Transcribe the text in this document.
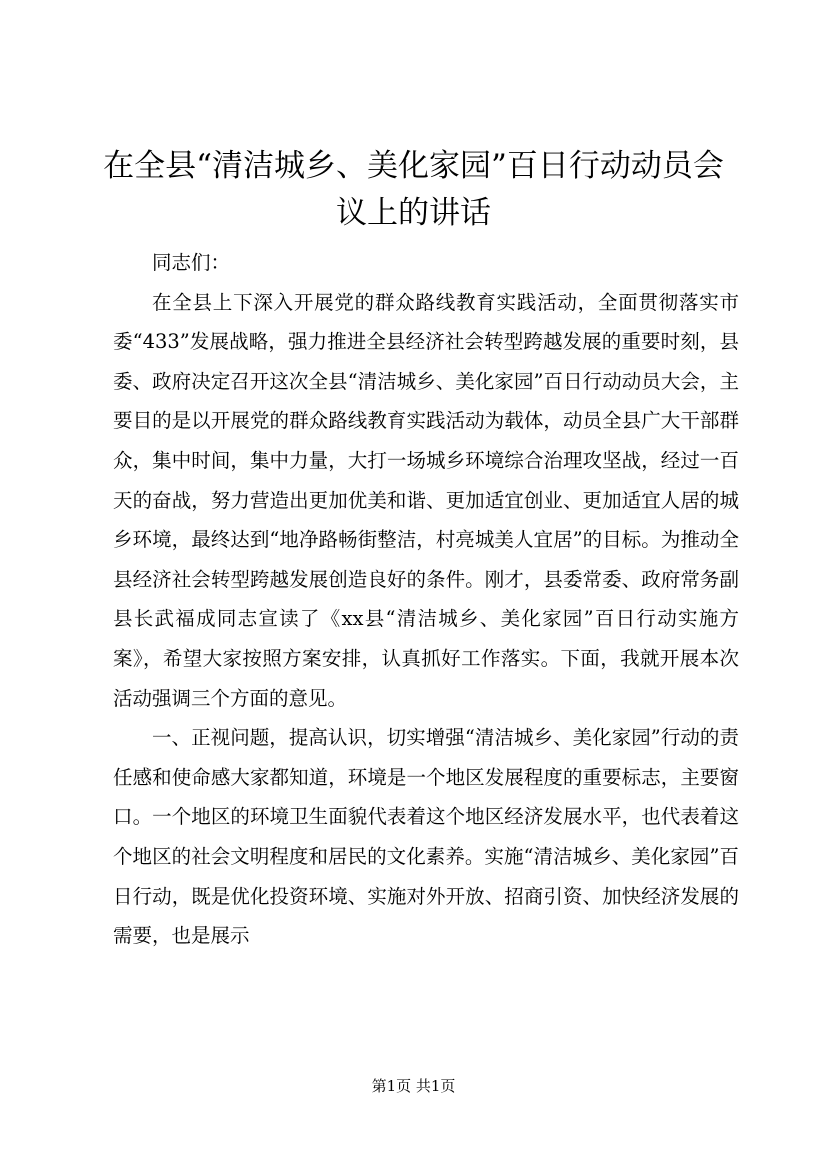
在全县“清洁城乡、美化家园”百日行动动员会议上的讲话

同志们：

在全县上下深入开展党的群众路线教育实践活动，全面贯彻落实市委“433”发展战略，强力推进全县经济社会转型跨越发展的重要时刻，县委、政府决定召开这次全县“清洁城乡、美化家园”百日行动动员大会，主要目的是以开展党的群众路线教育实践活动为载体，动员全县广大干部群众，集中时间，集中力量，大打一场城乡环境综合治理攻坚战，经过一百天的奋战，努力营造出更加优美和谐、更加适宜创业、更加适宜人居的城乡环境，最终达到“地净路畅街整洁，村亮城美人宜居”的目标。为推动全县经济社会转型跨越发展创造良好的条件。刚才，县委常委、政府常务副县长武福成同志宣读了《xx县“清洁城乡、美化家园”百日行动实施方案》，希望大家按照方案安排，认真抓好工作落实。下面，我就开展本次活动强调三个方面的意见。

一、正视问题，提高认识，切实增强“清洁城乡、美化家园”行动的责任感和使命感大家都知道，环境是一个地区发展程度的重要标志，主要窗口。一个地区的环境卫生面貌代表着这个地区经济发展水平，也代表着这个地区的社会文明程度和居民的文化素养。实施“清洁城乡、美化家园”百日行动，既是优化投资环境、实施对外开放、招商引资、加快经济发展的需要，也是展示

第1页 共1页
